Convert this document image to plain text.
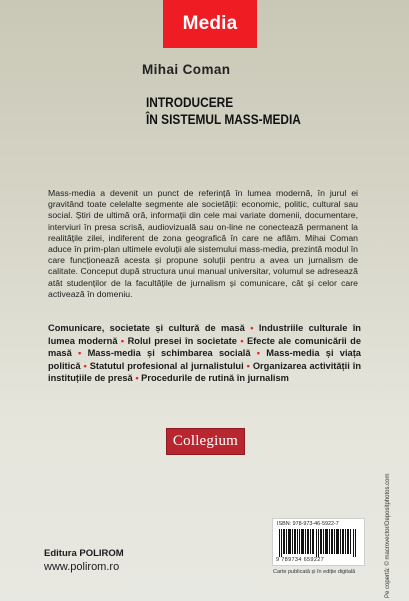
Media
Mihai Coman
INTRODUCERE
ÎN SISTEMUL MASS-MEDIA

Mass-media a devenit un punct de referință în lumea modernă, în jurul ei gravitând toate celelalte segmente ale societății: economic, politic, cultural sau social. Știri de ultimă oră, informații din cele mai variate domenii, documentare, interviuri în presa scrisă, audiovizuală sau on-line ne conectează permanent la realitățile zilei, indiferent de zona geografică în care ne aflăm. Mihai Coman aduce în prim-plan ultimele evoluții ale sistemului mass-media, prezintă modul în care funcționează acesta și propune soluții pentru a avea un jurnalism de calitate. Conceput după structura unui manual universitar, volumul se adresează atât studenților de la facultățile de jurnalism și comunicare, cât și celor care activează în domeniu.

Comunicare, societate și cultură de masă • Industriile culturale în lumea modernă • Rolul presei în societate • Efecte ale comunicării de masă • Mass-media și schimbarea socială • Mass-media și viața politică • Statutul profesional al jurnalistului • Organizarea activității în instituțiile de presă • Procedurile de rutină în jurnalism
Collegium
ISBN: 978-973-46-5922-7
9 789734 659227
Editura POLIROM
www.polirom.ro	Carte publicată și în ediție digitală	Pe copertă: © macrovector/Depositphotos.com
